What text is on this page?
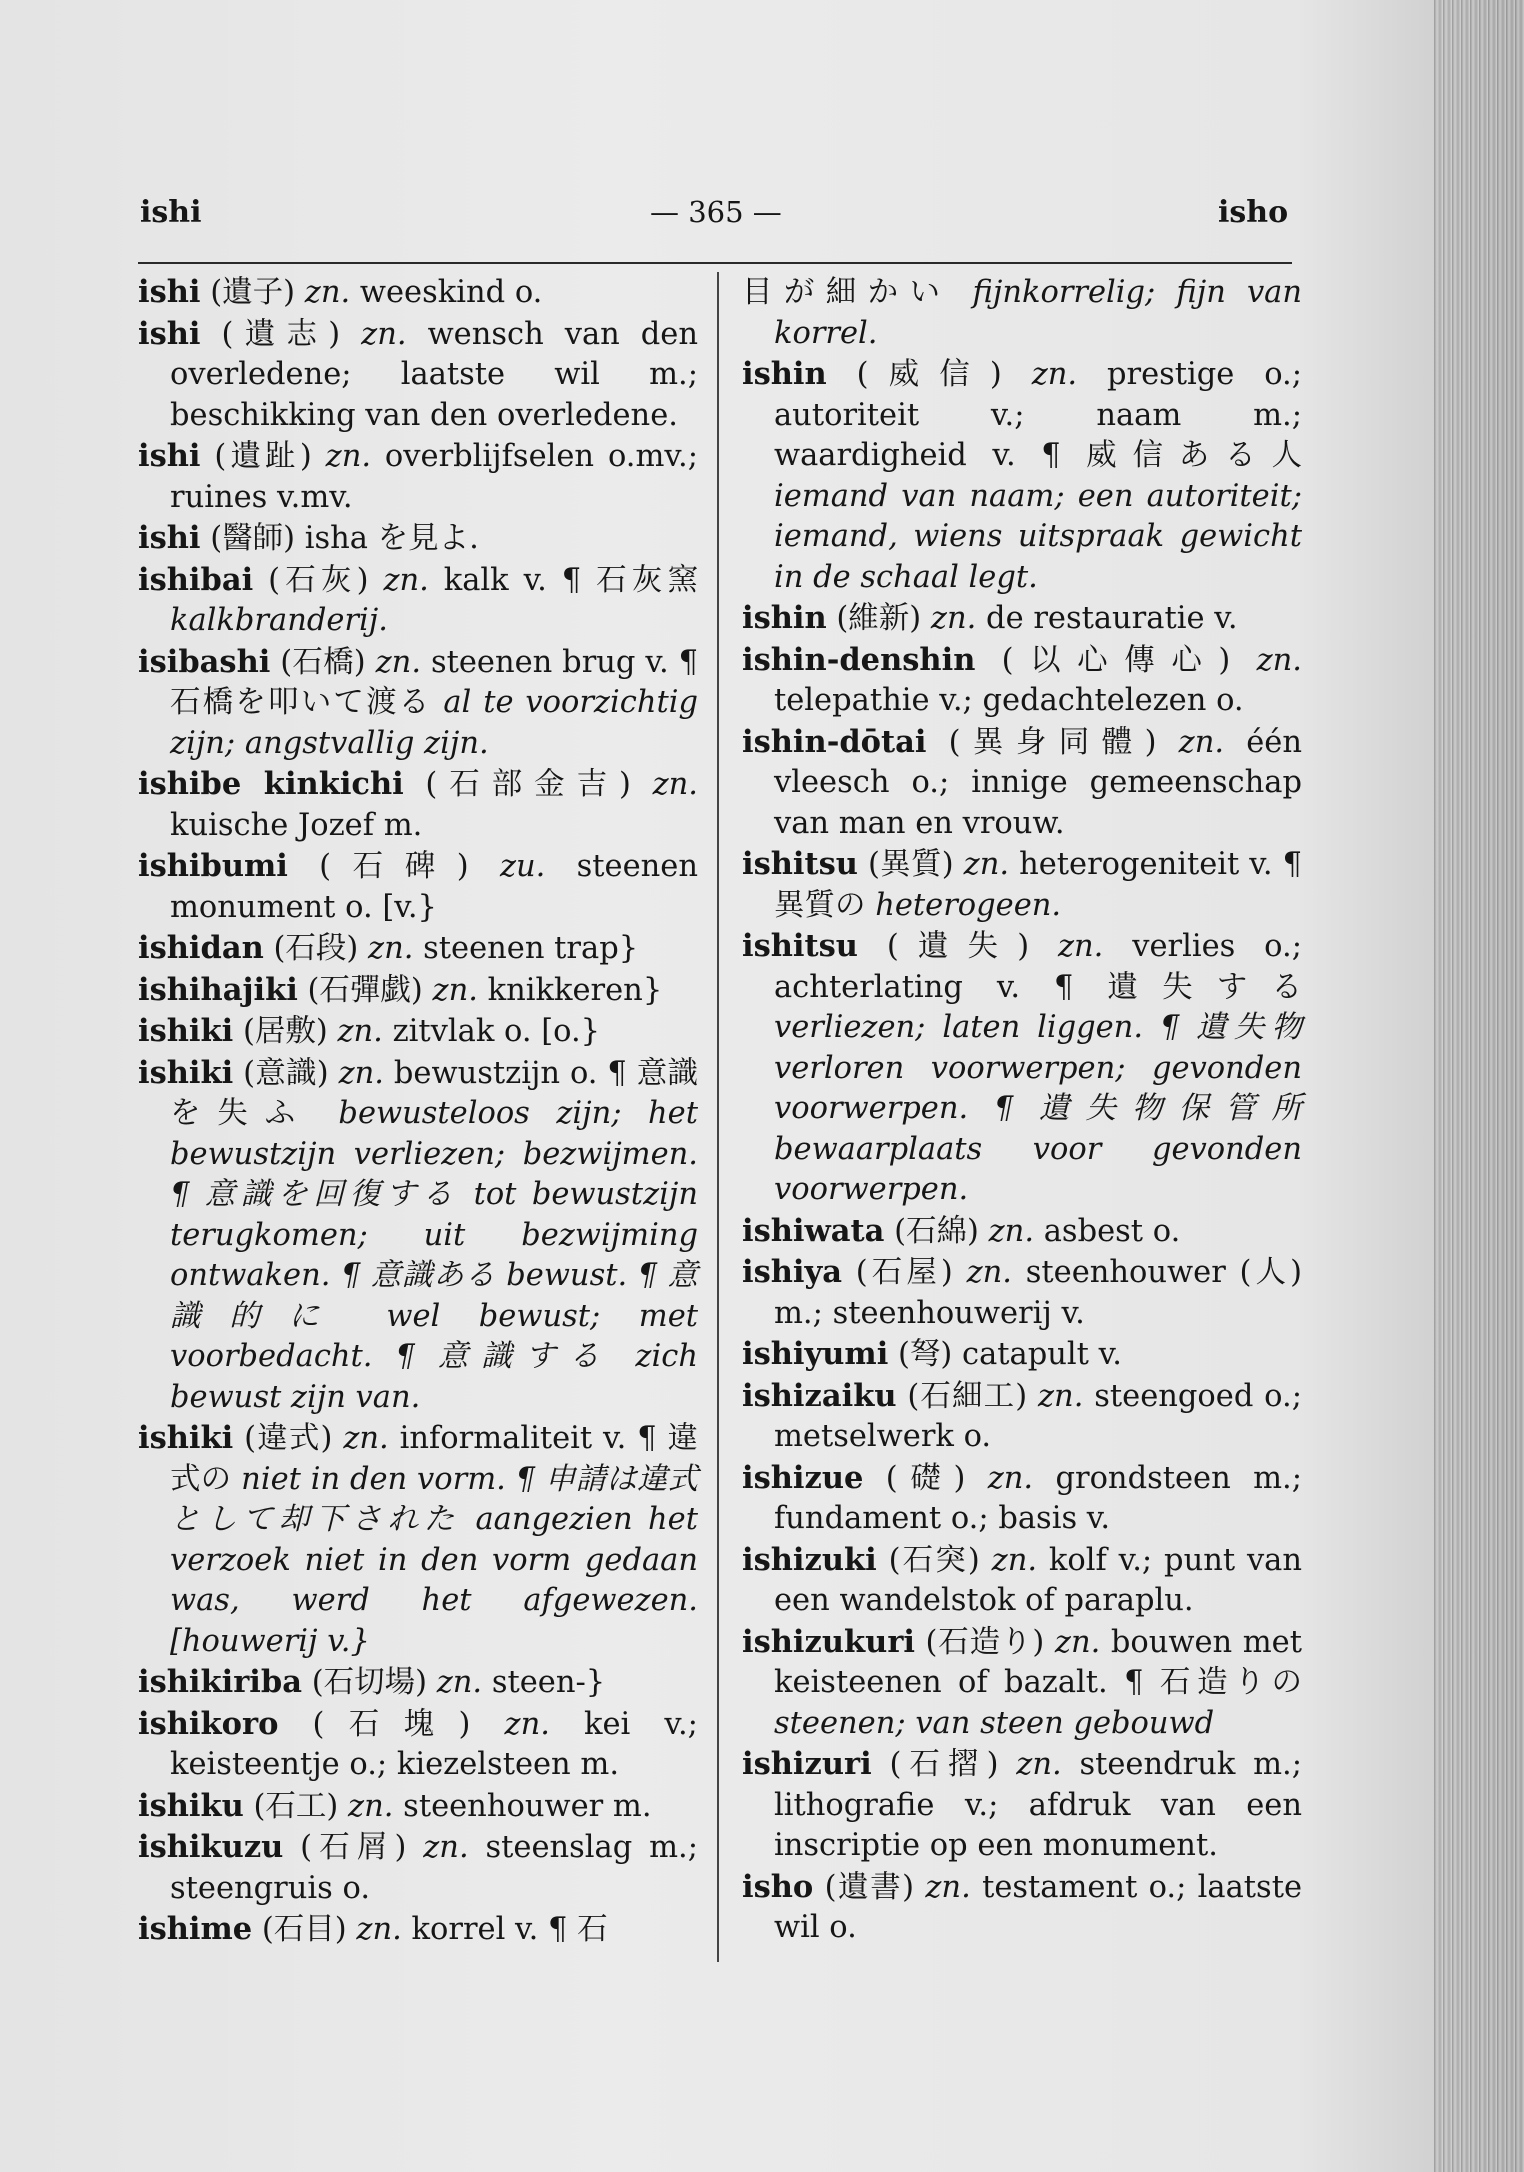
ishi	— 365 —	isho
ishi (遺子) zn. weeskind o.
ishi (遺志) zn. wensch van den overledene; laatste wil m.; beschikking van den overledene.
ishi (遺趾) zn. overblijfselen o.mv.; ruines v.mv.
ishi (醫師) isha を見よ.
ishibai (石灰) zn. kalk v. ¶ 石灰窯 kalkbranderij.
isibashi (石橋) zn. steenen brug v. ¶ 石橋を叩いて渡る al te voorzichtig zijn; angstvallig zijn.
ishibe kinkichi (石部金吉) zn. kuische Jozef m.
ishibumi (石碑) zu. steenen monument o. [v.}
ishidan (石段) zn. steenen trap}
ishihajiki (石彈戯) zn. knikkeren}
ishiki (居敷) zn. zitvlak o. [o.}
ishiki (意識) zn. bewustzijn o. ¶ 意識を失ふ bewusteloos zijn; het bewustzijn verliezen; bezwijmen. ¶ 意識を回復する tot bewustzijn terugkomen; uit bezwijming ontwaken. ¶ 意識ある bewust. ¶ 意識的に wel bewust; met voorbedacht. ¶ 意識する zich bewust zijn van.
ishiki (違式) zn. informaliteit v. ¶ 違式の niet in den vorm. ¶ 申請は違式として却下された aangezien het verzoek niet in den vorm gedaan was, werd het afgewezen. [houwerij v.}
ishikiriba (石切場) zn. steen-}
ishikoro (石塊) zn. kei v.; keisteentje o.; kiezelsteen m.
ishiku (石工) zn. steenhouwer m.
ishikuzu (石屑) zn. steenslag m.; steengruis o.
ishime (石目) zn. korrel v. ¶ 石
目が細かい fijnkorrelig; fijn van korrel.
ishin (威信) zn. prestige o.; autoriteit v.; naam m.; waardigheid v. ¶ 威信ある人 iemand van naam; een autoriteit; iemand, wiens uitspraak gewicht in de schaal legt.
ishin (維新) zn. de restauratie v.
ishin-denshin (以心傳心) zn. telepathie v.; gedachtelezen o.
ishin-dōtai (異身同體) zn. één vleesch o.; innige gemeenschap van man en vrouw.
ishitsu (異質) zn. heterogeniteit v. ¶ 異質の heterogeen.
ishitsu (遺失) zn. verlies o.; achterlating v. ¶ 遺失する verliezen; laten liggen. ¶ 遺失物 verloren voorwerpen; gevonden voorwerpen. ¶ 遺失物保管所 bewaarplaats voor gevonden voorwerpen.
ishiwata (石綿) zn. asbest o.
ishiya (石屋) zn. steenhouwer (人) m.; steenhouwerij v.
ishiyumi (弩) catapult v.
ishizaiku (石細工) zn. steengoed o.; metselwerk o.
ishizue (礎) zn. grondsteen m.; fundament o.; basis v.
ishizuki (石突) zn. kolf v.; punt van een wandelstok of paraplu.
ishizukuri (石造り) zn. bouwen met keisteenen of bazalt. ¶ 石造りの steenen; van steen gebouwd
ishizuri (石摺) zn. steendruk m.; lithografie v.; afdruk van een inscriptie op een monument.
isho (遺書) zn. testament o.; laatste wil o.
